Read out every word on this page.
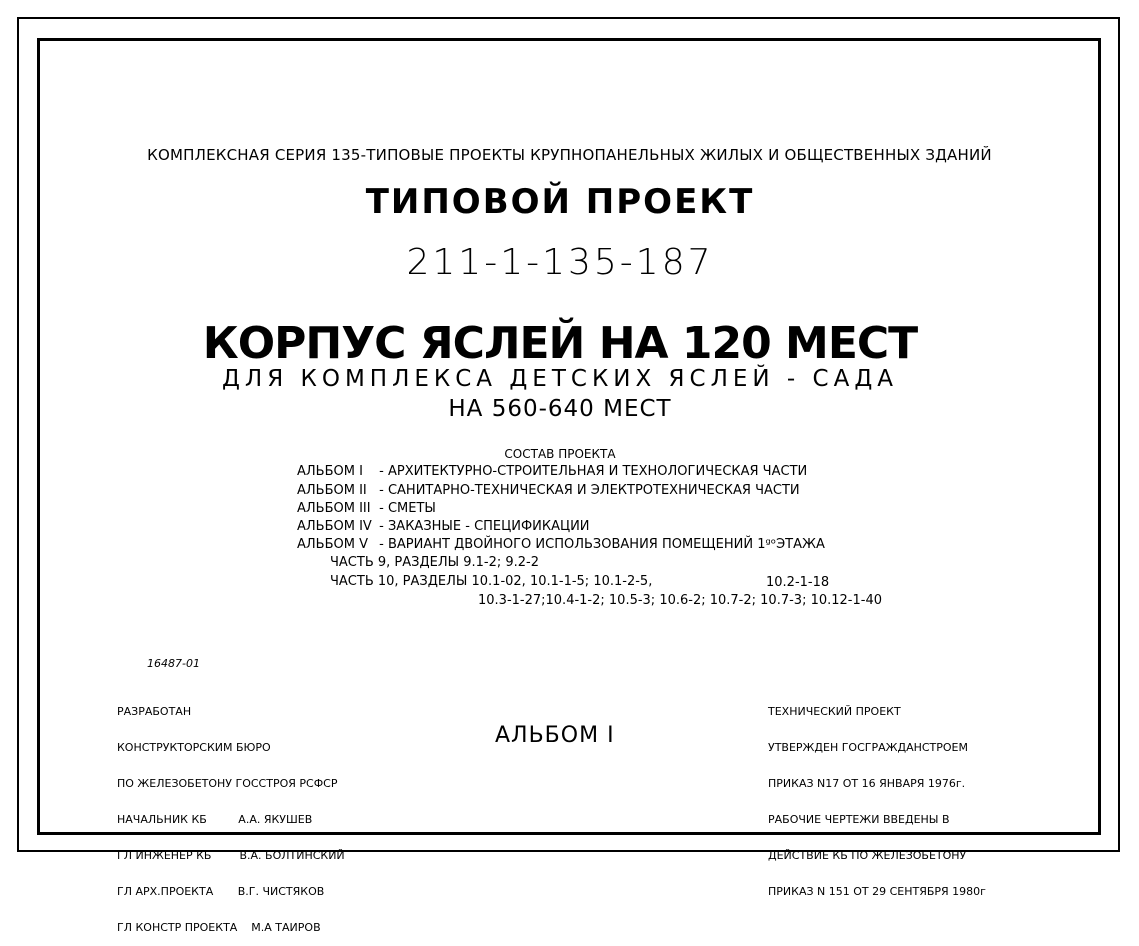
КОМПЛЕКСНАЯ СЕРИЯ 135-ТИПОВЫЕ ПРОЕКТЫ КРУПНОПАНЕЛЬНЫХ ЖИЛЫХ И ОБЩЕСТВЕННЫХ ЗДАНИЙ
ТИПОВОЙ ПРОЕКТ
211-1-135-187
КОРПУС ЯСЛЕЙ НА 120 МЕСТ
ДЛЯ КОМПЛЕКСА ДЕТСКИХ ЯСЛЕЙ - САДА
НА 560-640 МЕСТ
СОСТАВ ПРОЕКТА
АЛЬБОМ I - АРХИТЕКТУРНО-СТРОИТЕЛЬНАЯ И ТЕХНОЛОГИЧЕСКАЯ ЧАСТИ
АЛЬБОМ II - САНИТАРНО-ТЕХНИЧЕСКАЯ И ЭЛЕКТРОТЕХНИЧЕСКАЯ ЧАСТИ
АЛЬБОМ III - СМЕТЫ
АЛЬБОМ IV - ЗАКАЗНЫЕ - СПЕЦИФИКАЦИИ
АЛЬБОМ V - ВАРИАНТ ДВОЙНОГО ИСПОЛЬЗОВАНИЯ ПОМЕЩЕНИЙ 1ᵍᵒЭТАЖА
ЧАСТЬ 9, РАЗДЕЛЫ 9.1-2; 9.2-2
ЧАСТЬ 10, РАЗДЕЛЫ 10.1-02, 10.1-1-5; 10.1-2-5,	10.2-1-18
10.3-1-27;10.4-1-2; 10.5-3; 10.6-2; 10.7-2; 10.7-3; 10.12-1-40
16487-01

РАЗРАБОТАН

КОНСТРУКТОРСКИМ БЮРО

ПО ЖЕЛЕЗОБЕТОНУ ГОССТРОЯ РСФСР

НАЧАЛЬНИК КБ         А.А. ЯКУШЕВ

ГЛ ИНЖЕНЕР КБ        В.А. БОЛТИНСКИЙ

ГЛ АРХ.ПРОЕКТА       В.Г. ЧИСТЯКОВ

ГЛ КОНСТР ПРОЕКТА    М.А ТАИРОВ

АЛЬБОМ I

ТЕХНИЧЕСКИЙ ПРОЕКТ

УТВЕРЖДЕН ГОСГРАЖДАНСТРОЕМ

ПРИКАЗ N17 ОТ 16 ЯНВАРЯ 1976г.

РАБОЧИЕ ЧЕРТЕЖИ ВВЕДЕНЫ В

ДЕЙСТВИЕ КБ ПО ЖЕЛЕЗОБЕТОНУ

ПРИКАЗ N 151 ОТ 29 СЕНТЯБРЯ 1980г
